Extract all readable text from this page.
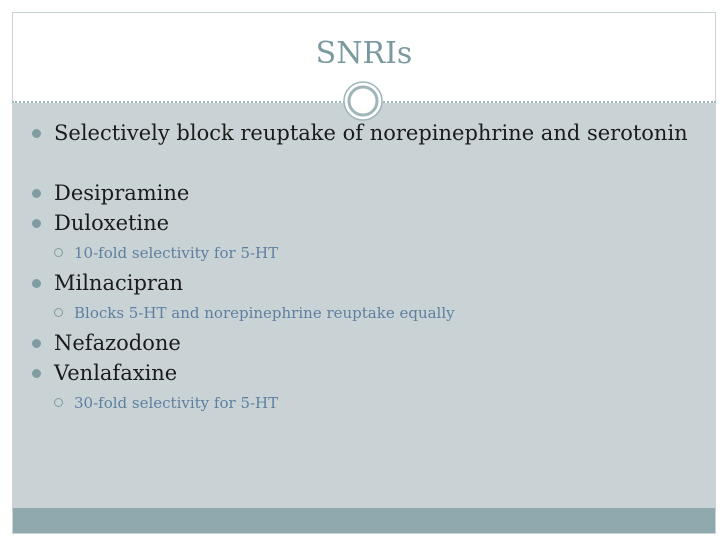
SNRIs
Selectively block reuptake of norepinephrine and serotonin
Desipramine
Duloxetine
10-fold selectivity for 5-HT
Milnacipran
Blocks 5-HT and norepinephrine reuptake equally
Nefazodone
Venlafaxine
30-fold selectivity for 5-HT
